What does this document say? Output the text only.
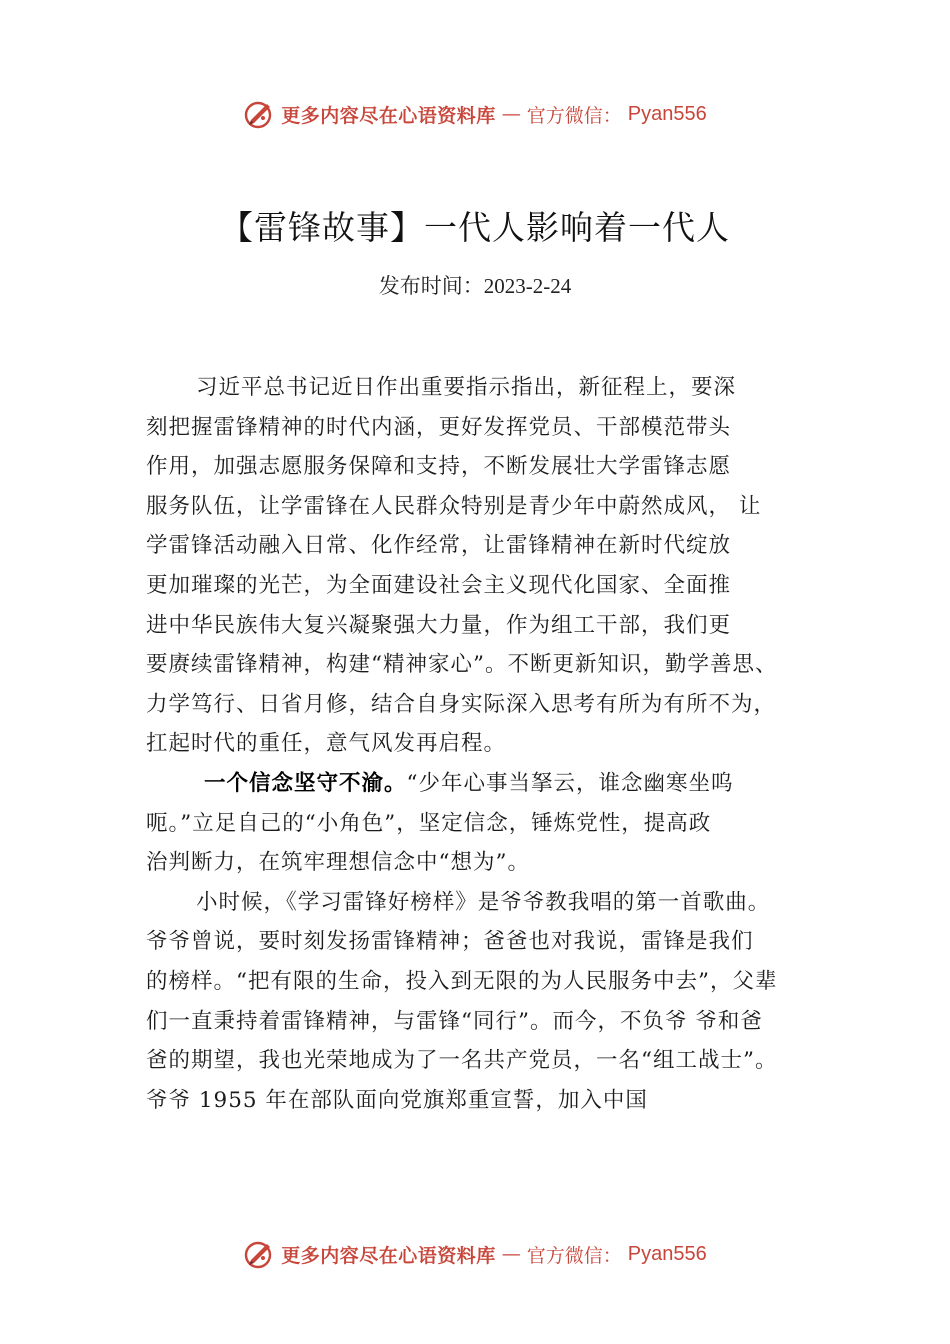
更多内容尽在心语资料库 — 官方微信： Pyan556
【雷锋故事】一代人影响着一代人
发布时间：2023-2-24
习近平总书记近日作出重要指示指出，新征程上，要深
刻把握雷锋精神的时代内涵，更好发挥党员、干部模范带头
作用，加强志愿服务保障和支持，不断发展壮大学雷锋志愿
服务队伍，让学雷锋在人民群众特别是青少年中蔚然成风， 让
学雷锋活动融入日常、化作经常，让雷锋精神在新时代绽放
更加璀璨的光芒，为全面建设社会主义现代化国家、全面推
进中华民族伟大复兴凝聚强大力量，作为组工干部，我们更
要赓续雷锋精神，构建“精神家心”。不断更新知识，勤学善思、
力学笃行、日省月修，结合自身实际深入思考有所为有所不为，
扛起时代的重任，意气风发再启程。
一个信念坚守不渝。“少年心事当拏云，谁念幽寒坐呜
呃。”立足自己的“小角色”，坚定信念，锤炼党性，提高政
治判断力，在筑牢理想信念中“想为”。
小时候，《学习雷锋好榜样》是爷爷教我唱的第一首歌曲。
爷爷曾说，要时刻发扬雷锋精神；爸爸也对我说，雷锋是我们
的榜样。“把有限的生命，投入到无限的为人民服务中去”，父辈
们一直秉持着雷锋精神，与雷锋“同行”。而今，不负爷 爷和爸
爸的期望，我也光荣地成为了一名共产党员，一名“组工战士”。
爷爷 1955 年在部队面向党旗郑重宣誓，加入中国
更多内容尽在心语资料库 — 官方微信： Pyan556
